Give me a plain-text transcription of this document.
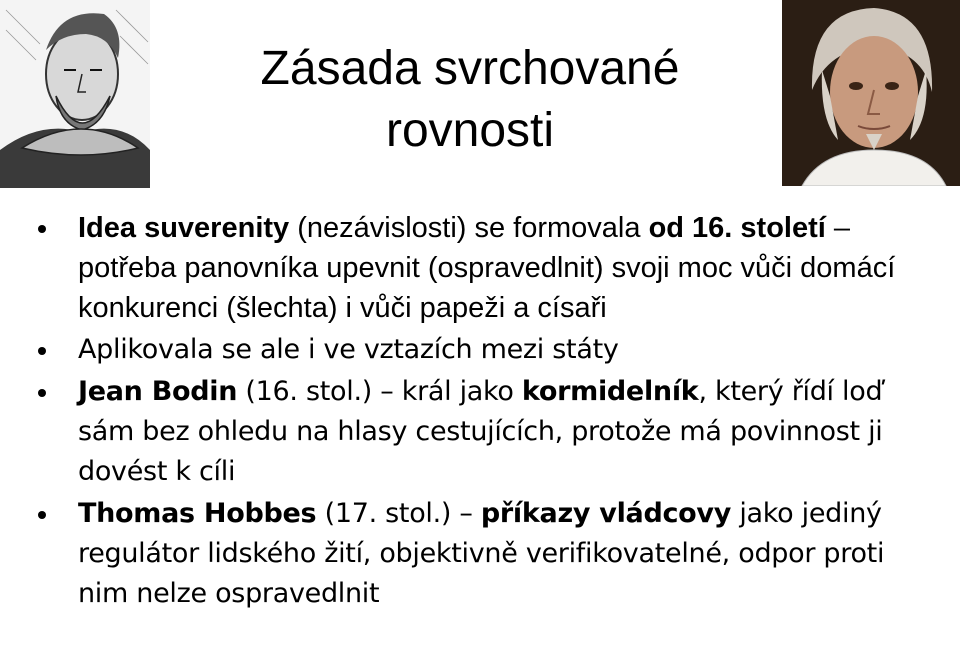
Zásada svrchované
rovnosti
Idea suverenity (nezávislosti) se formovala od 16. století – potřeba panovníka upevnit (ospravedlnit) svoji moc vůči domácí konkurenci (šlechta) i vůči papeži a císaři
Aplikovala se ale i ve vztazích mezi státy
Jean Bodin (16. stol.) – král jako kormidelník, který řídí loď sám bez ohledu na hlasy cestujících, protože má povinnost ji dovést k cíli
Thomas Hobbes (17. stol.) – příkazy vládcovy jako jediný regulátor lidského žití, objektivně verifikovatelné, odpor proti nim nelze ospravedlnit
